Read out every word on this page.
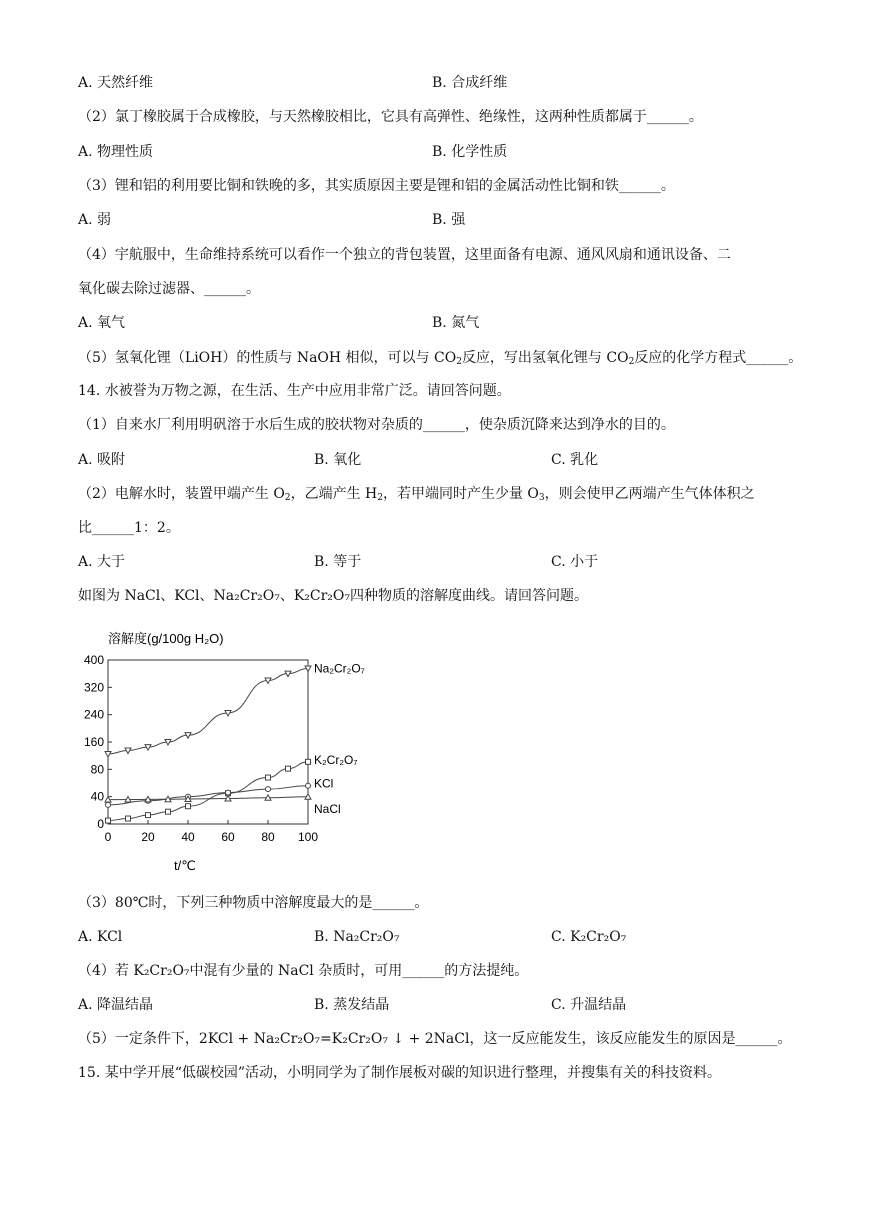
A. 天然纤维	B. 合成纤维
（2）氯丁橡胶属于合成橡胶，与天然橡胶相比，它具有高弹性、绝缘性，这两种性质都属于______。
A. 物理性质	B. 化学性质
（3）锂和铝的利用要比铜和铁晚的多，其实质原因主要是锂和铝的金属活动性比铜和铁______。
A. 弱	B. 强
（4）宇航服中，生命维持系统可以看作一个独立的背包装置，这里面备有电源、通风风扇和通讯设备、二
氧化碳去除过滤器、______。
A. 氧气	B. 氮气
（5）氢氧化锂（LiOH）的性质与 NaOH 相似，可以与 $CO_2$反应，写出氢氧化锂与 $CO_2$反应的化学方程式______。
14. 水被誉为万物之源，在生活、生产中应用非常广泛。请回答问题。
（1）自来水厂利用明矾溶于水后生成的胶状物对杂质的______，使杂质沉降来达到净水的目的。
A. 吸附	B. 氧化	C. 乳化
（2）电解水时，装置甲端产生 $O_2$，乙端产生 $H_2$，若甲端同时产生少量 $O_3$，则会使甲乙两端产生气体体积之
比______1：2。
A. 大于	B. 等于	C. 小于
如图为 NaCl、KCl、Na₂Cr₂O₇、K₂Cr₂O₇四种物质的溶解度曲线。请回答问题。
溶解度(g/100g H₂O)
0 20 40 60 80 100
0
40
80
160
240
320
400
Na₂Cr₂O₇
K₂Cr₂O₇
KCl
NaCl
t/℃
（3）80℃时，下列三种物质中溶解度最大的是______。
A. KCl	B. Na₂Cr₂O₇	C. K₂Cr₂O₇
（4）若 K₂Cr₂O₇中混有少量的 NaCl 杂质时，可用______的方法提纯。
A. 降温结晶	B. 蒸发结晶	C. 升温结晶
（5）一定条件下，2KCl + Na₂Cr₂O₇=K₂Cr₂O₇ ↓ + 2NaCl，这一反应能发生，该反应能发生的原因是______。
15. 某中学开展“低碳校园”活动，小明同学为了制作展板对碳的知识进行整理，并搜集有关的科技资料。
